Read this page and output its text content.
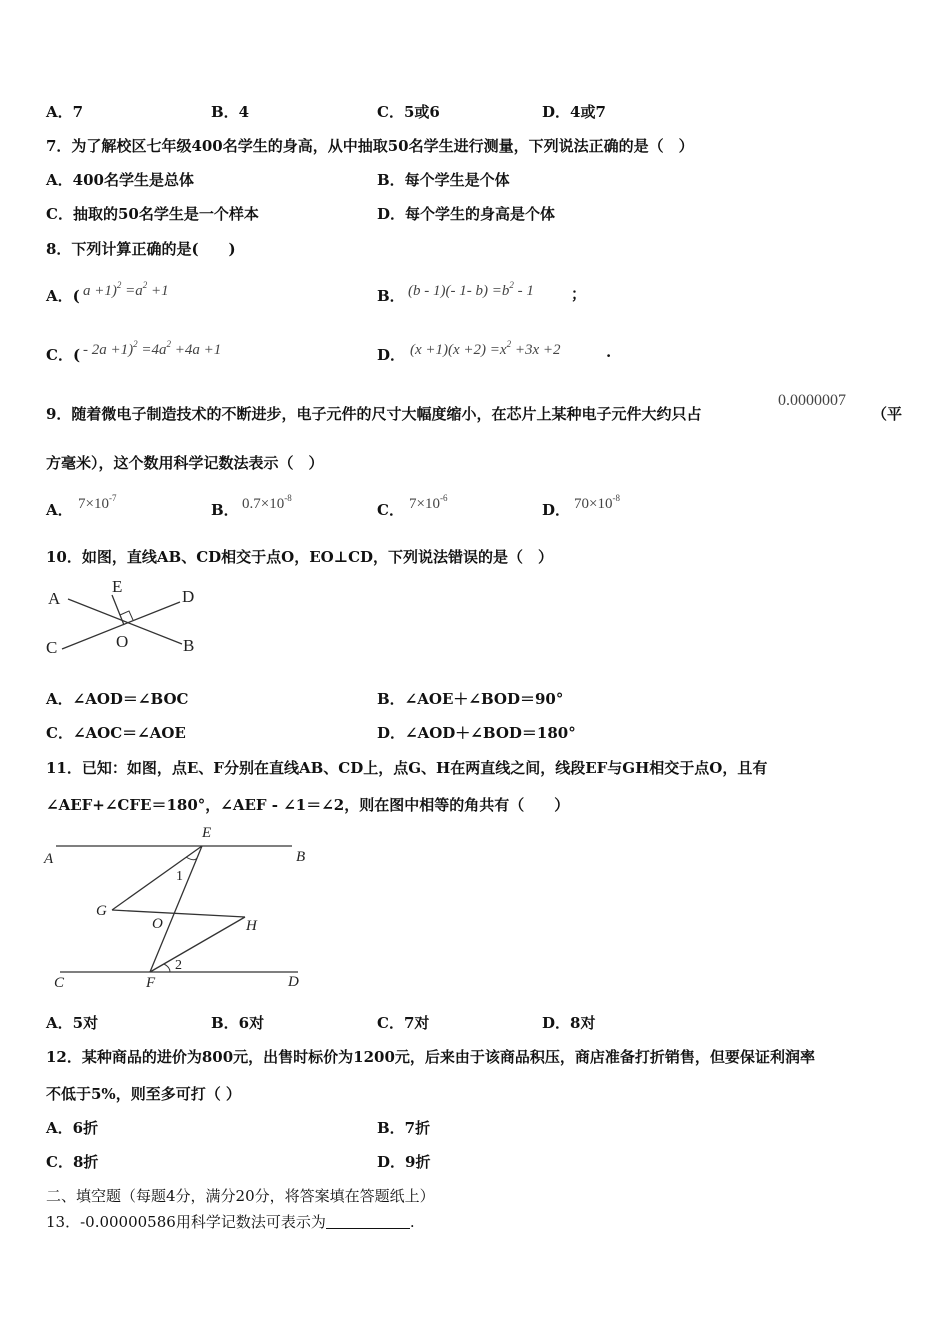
A．7	B．4	C．5或6	D．4或7
7．为了解校区七年级400名学生的身高，从中抽取50名学生进行测量，下列说法正确的是（　）
A．400名学生是总体	B．每个学生是个体
C．抽取的50名学生是一个样本	D．每个学生的身高是个体
8．下列计算正确的是(　　)
A．( $a +1)^2 =a^2 +1$	B． (b - 1)(- 1- $b) =b^2 - 1$ ；
C．( - $2a +1)^2 =4a^2 +4a +1$	D． $(x +1)(x +2) =x^2 +3x +2$	.
9．随着微电子制造技术的不断进步，电子元件的尺寸大幅度缩小，在芯片上某种电子元件大约只占
0.0000007
（平
方毫米），这个数用科学记数法表示（　）
A． $7\times 10^{-7}$
B． $0.7\times 10^{-8}$
C． $7\times 10^{-6}$
D． $70\times 10^{-8}$
10．如图，直线AB、CD相交于点O，EO⊥CD，下列说法错误的是（　）
A
E
D
C	O	B
A．∠AOD＝∠BOC	B．∠AOE＋∠BOD＝90°
C．∠AOC＝∠AOE	D．∠AOD＋∠BOD＝180°
11．已知：如图，点E、F分别在直线AB、CD上，点G、H在两直线之间，线段EF与GH相交于点O，且有
∠AEF+∠CFE＝180°，∠AEF - ∠1＝∠2，则在图中相等的角共有（　　）
A
E
B
1
G
O	H
2
C	F	D
A．5对	B．6对	C．7对	D．8对
12．某种商品的进价为800元，出售时标价为1200元，后来由于该商品积压，商店准备打折销售，但要保证利润率
不低于5%，则至多可打（ ）
A．6折	B．7折
C．8折	D．9折
二、填空题（每题4分，满分20分，将答案填在答题纸上）
13．-0.00000586用科学记数法可表示为	.
